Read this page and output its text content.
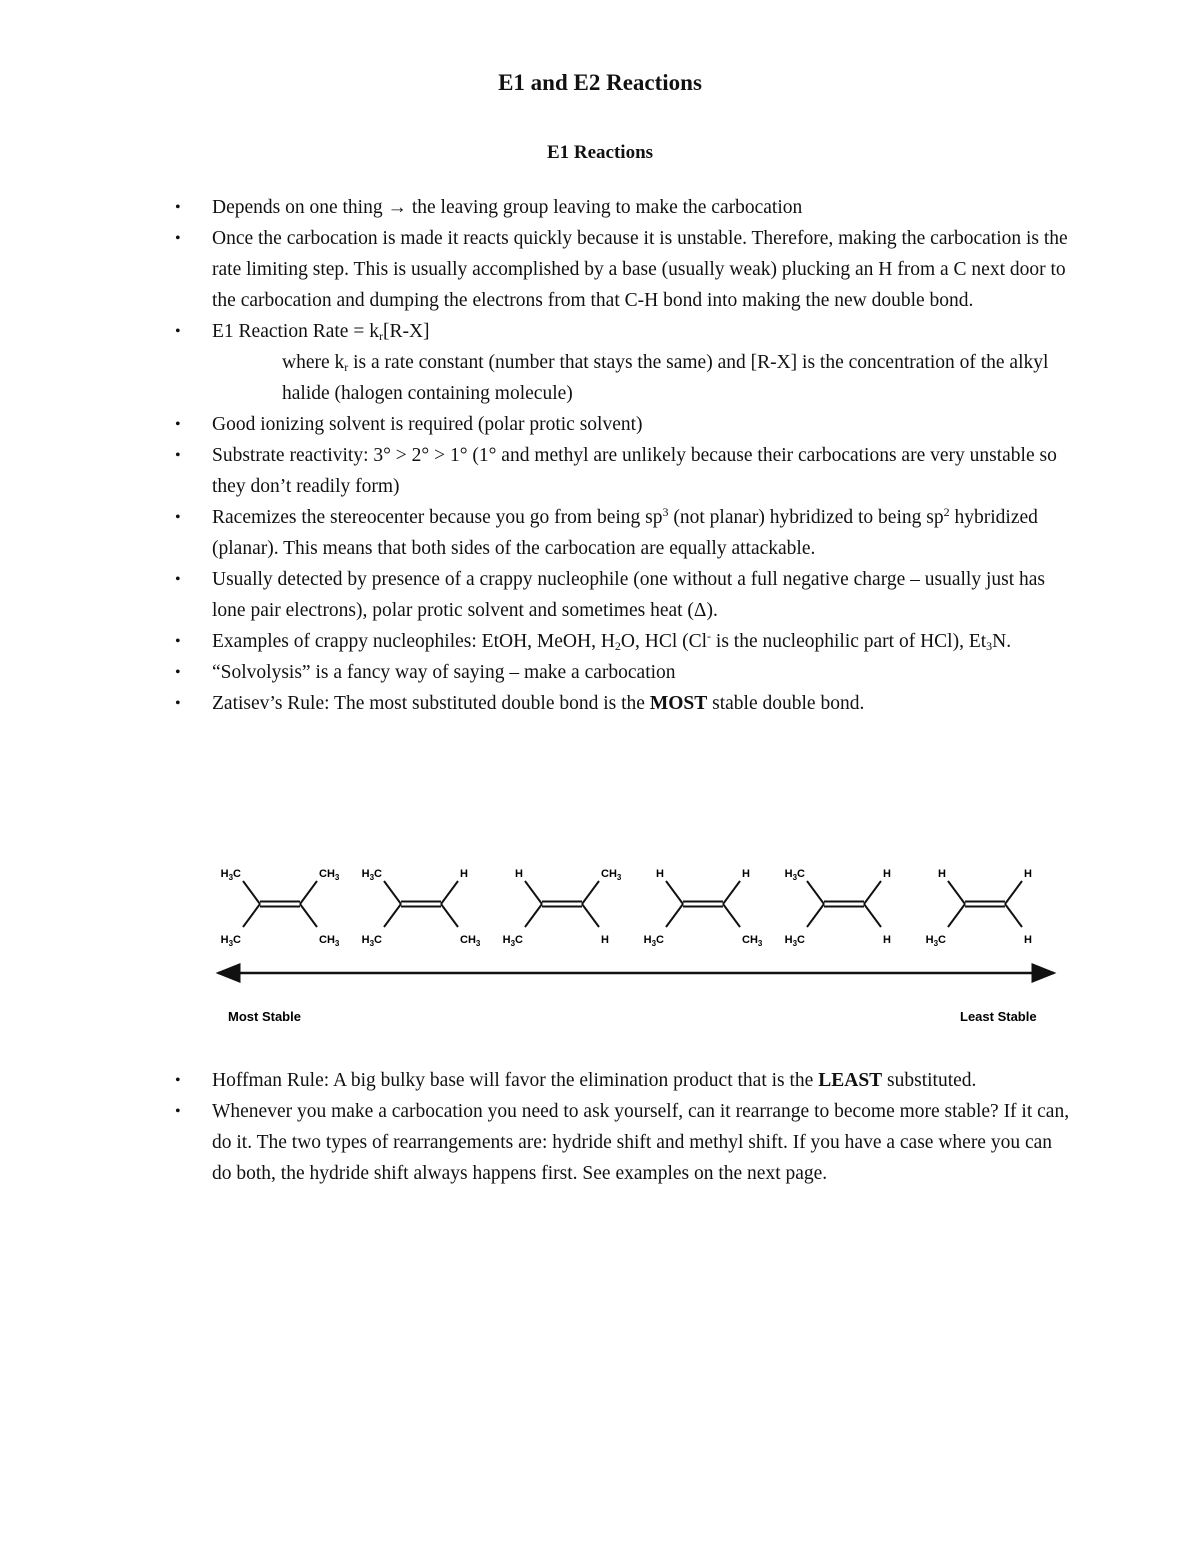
E1 and E2 Reactions
E1 Reactions
• Depends on one thing → the leaving group leaving to make the carbocation
• Once the carbocation is made it reacts quickly because it is unstable. Therefore, making the carbocation is the rate limiting step. This is usually accomplished by a base (usually weak) plucking an H from a C next door to the carbocation and dumping the electrons from that C-H bond into making the new double bond.
• E1 Reaction Rate = $k_r[R-X]$
where $k_r$ is a rate constant (number that stays the same) and [R-X] is the concentration of the alkyl halide (halogen containing molecule)
• Good ionizing solvent is required (polar protic solvent)
• Substrate reactivity: 3° > 2° > 1° (1° and methyl are unlikely because their carbocations are very unstable so they don’t readily form)
• Racemizes the stereocenter because you go from being $sp^3$ (not planar) hybridized to being $sp^2$ hybridized (planar). This means that both sides of the carbocation are equally attackable.
• Usually detected by presence of a crappy nucleophile (one without a full negative charge – usually just has lone pair electrons), polar protic solvent and sometimes heat (Δ).
• Examples of crappy nucleophiles: EtOH, MeOH, $H_2O$, HCl (Cl- is the nucleophilic part of HCl), $Et_3N$.
• “Solvolysis” is a fancy way of saying – make a carbocation
• Zatisev’s Rule: The most substituted double bond is the MOST stable double bond.
$H_3C$
$H_3C$
$CH_3$
$CH_3$
$H_3C$
$H_3C$
H
$CH_3$
H
$H_3C$
$CH_3$
H
H
$H_3C$
H
$CH_3$
$H_3C$
$H_3C$
H
H
H
$H_3C$
H
H
Most Stable	Least Stable
• Hoffman Rule: A big bulky base will favor the elimination product that is the LEAST substituted.
• Whenever you make a carbocation you need to ask yourself, can it rearrange to become more stable? If it can, do it. The two types of rearrangements are: hydride shift and methyl shift. If you have a case where you can do both, the hydride shift always happens first. See examples on the next page.
